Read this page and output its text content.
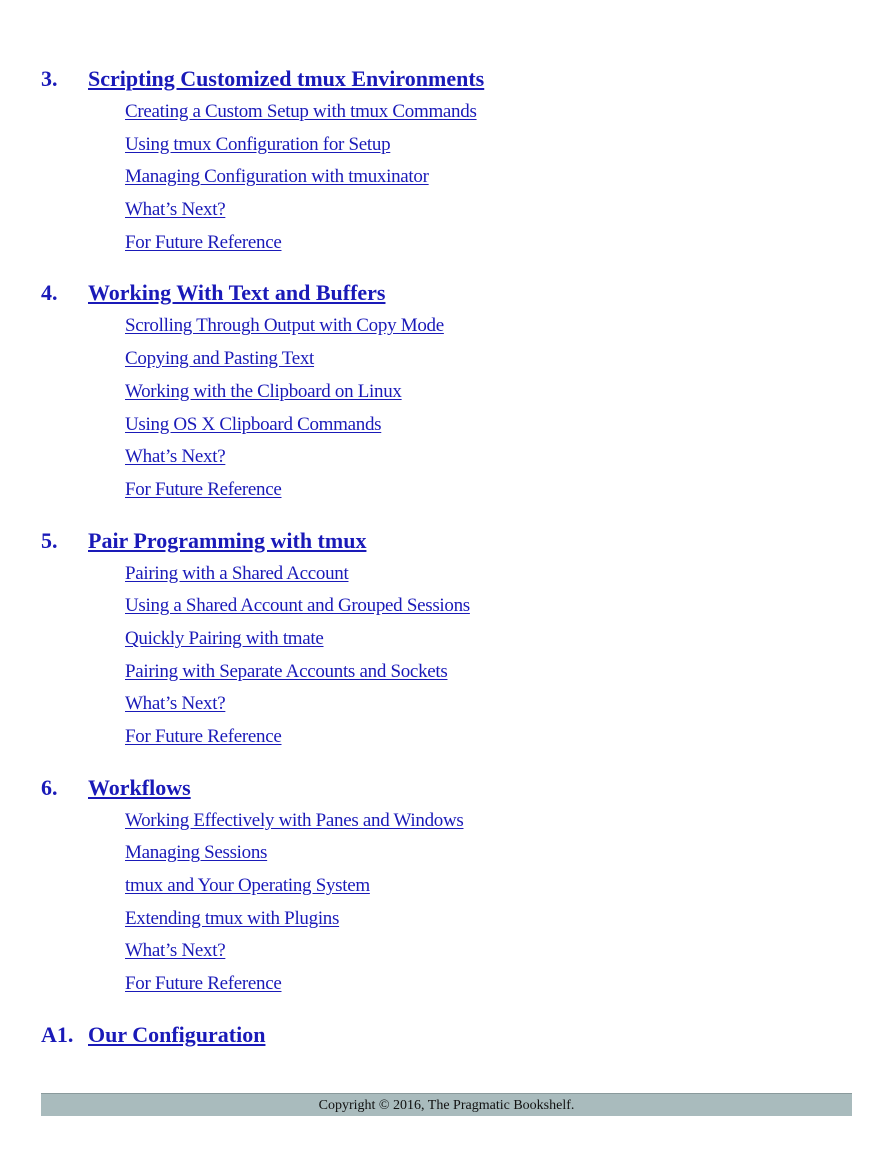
3.	Scripting Customized tmux Environments
Creating a Custom Setup with tmux Commands
Using tmux Configuration for Setup
Managing Configuration with tmuxinator
What’s Next?
For Future Reference
4.	Working With Text and Buffers
Scrolling Through Output with Copy Mode
Copying and Pasting Text
Working with the Clipboard on Linux
Using OS X Clipboard Commands
What’s Next?
For Future Reference
5.	Pair Programming with tmux
Pairing with a Shared Account
Using a Shared Account and Grouped Sessions
Quickly Pairing with tmate
Pairing with Separate Accounts and Sockets
What’s Next?
For Future Reference
6.	Workflows
Working Effectively with Panes and Windows
Managing Sessions
tmux and Your Operating System
Extending tmux with Plugins
What’s Next?
For Future Reference
A1. Our Configuration
Copyright © 2016, The Pragmatic Bookshelf.
